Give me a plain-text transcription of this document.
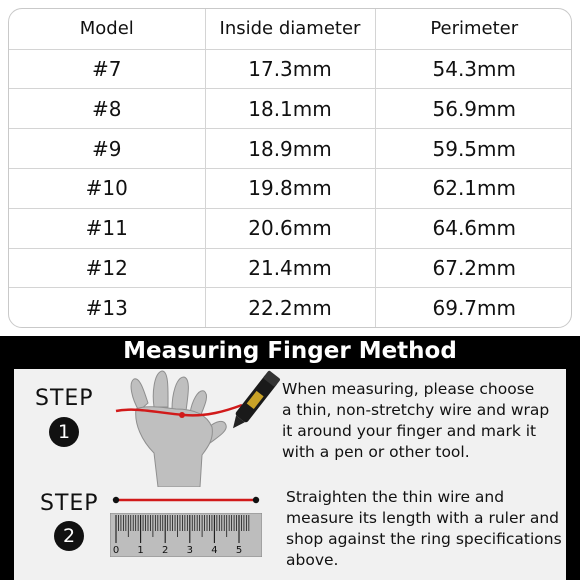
Model	Inside diameter	Perimeter
#7	17.3mm	54.3mm
#8	18.1mm	56.9mm
#9	18.9mm	59.5mm
#10	19.8mm	62.1mm
#11	20.6mm	64.6mm
#12	21.4mm	67.2mm
#13	22.2mm	69.7mm
Measuring Finger Method
STEP
1
When measuring, please choose
a thin, non-stretchy wire and wrap
it around your finger and mark it
with a pen or other tool.
STEP
2
0 1 2 3 4 5
Straighten the thin wire and
measure its length with a ruler and
shop against the ring specifications
above.
